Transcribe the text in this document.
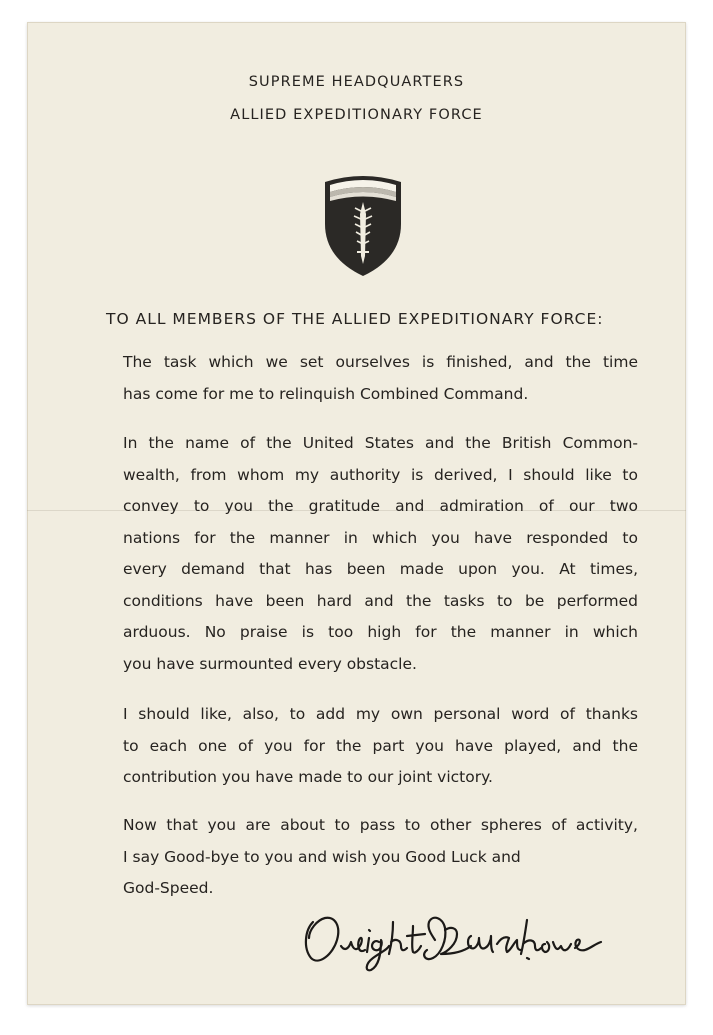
SUPREME HEADQUARTERS
ALLIED EXPEDITIONARY FORCE
TO ALL MEMBERS OF THE ALLIED EXPEDITIONARY FORCE:

The task which we set ourselves is finished, and the time
has come for me to relinquish Combined Command.

In the name of the United States and the British Common-
wealth, from whom my authority is derived, I should like to
convey to you the gratitude and admiration of our two
nations for the manner in which you have responded to
every demand that has been made upon you. At times,
conditions have been hard and the tasks to be performed
arduous. No praise is too high for the manner in which
you have surmounted every obstacle.

I should like, also, to add my own personal word of thanks
to each one of you for the part you have played, and the
contribution you have made to our joint victory.

Now that you are about to pass to other spheres of activity,
I say Good-bye to you and wish you Good Luck and
God-Speed.
